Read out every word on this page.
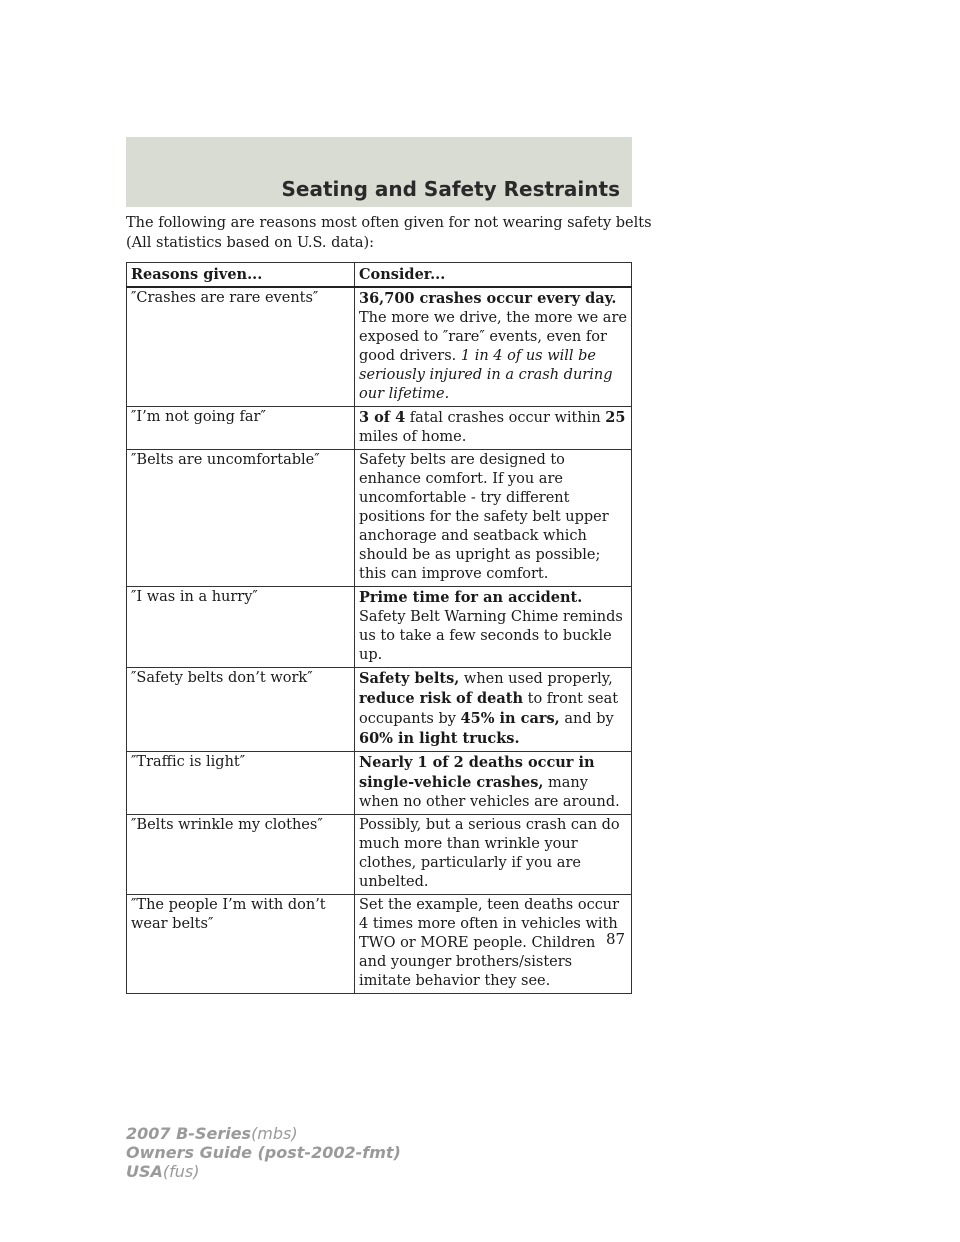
Seating and Safety Restraints
The following are reasons most often given for not wearing safety belts
(All statistics based on U.S. data):
Reasons given...	Consider...
″Crashes are rare events″	36,700 crashes occur every day.
The more we drive, the more we are exposed to ″rare″ events, even for good drivers. 1 in 4 of us will be seriously injured in a crash during our lifetime.
″I’m not going far″	3 of 4 fatal crashes occur within 25 miles of home.
″Belts are uncomfortable″	Safety belts are designed to enhance comfort. If you are uncomfortable - try different positions for the safety belt upper anchorage and seatback which should be as upright as possible; this can improve comfort.
″I was in a hurry″	Prime time for an accident. Safety Belt Warning Chime reminds us to take a few seconds to buckle up.
″Safety belts don’t work″	Safety belts, when used properly, reduce risk of death to front seat occupants by 45% in cars, and by 60% in light trucks.
″Traffic is light″	Nearly 1 of 2 deaths occur in single-vehicle crashes, many when no other vehicles are around.
″Belts wrinkle my clothes″	Possibly, but a serious crash can do much more than wrinkle your clothes, particularly if you are unbelted.
″The people I’m with don’t wear belts″	Set the example, teen deaths occur 4 times more often in vehicles with TWO or MORE people. Children and younger brothers/sisters imitate behavior they see.
87
2007 B-Series(mbs)
Owners Guide (post-2002-fmt)
USA(fus)
